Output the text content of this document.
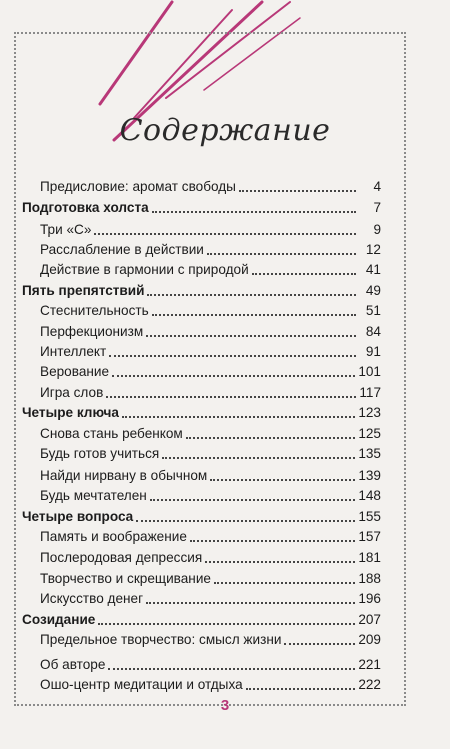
Содержание
Предисловие: аромат свободы	4
Подготовка холста	7
Три «С»	9
Расслабление в действии	12
Действие в гармонии с природой	41
Пять препятствий	49
Стеснительность	51
Перфекционизм	84
Интеллект	91
Верование	101
Игра слов	117
Четыре ключа	123
Снова стань ребенком	125
Будь готов учиться	135
Найди нирвану в обычном	139
Будь мечтателен	148
Четыре вопроса	155
Память и воображение	157
Послеродовая депрессия	181
Творчество и скрещивание	188
Искусство денег	196
Созидание	207
Предельное творчество: смысл жизни	209
Об авторе	221
Ошо-центр медитации и отдыха	222
3
